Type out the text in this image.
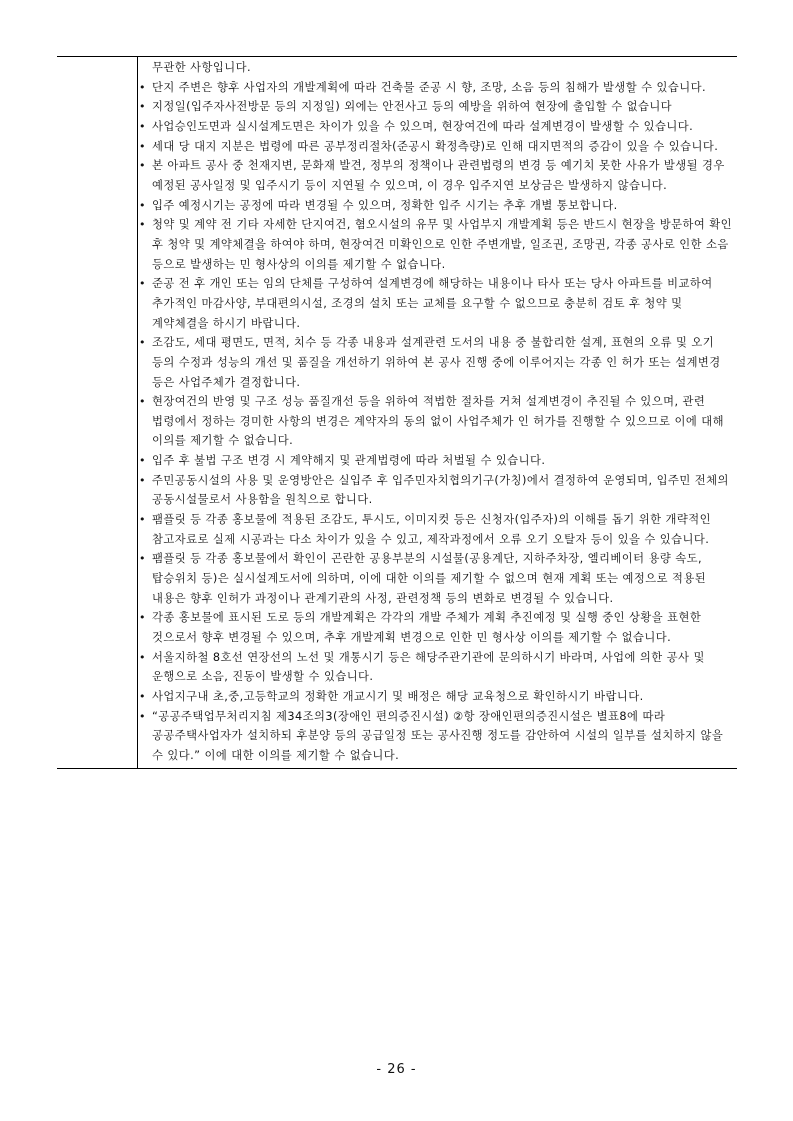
무관한 사항입니다.

• 단지 주변은 향후 사업자의 개발계획에 따라 건축물 준공 시 향, 조망, 소음 등의 침해가 발생할 수 있습니다.

• 지정일(입주자사전방문 등의 지정일) 외에는 안전사고 등의 예방을 위하여 현장에 출입할 수 없습니다

• 사업승인도면과 실시설계도면은 차이가 있을 수 있으며, 현장여건에 따라 설계변경이 발생할 수 있습니다.

• 세대 당 대지 지분은 법령에 따른 공부정리절차(준공시 확정측량)로 인해 대지면적의 증감이 있을 수 있습니다.

• 본 아파트 공사 중 천재지변, 문화재 발견, 정부의 정책이나 관련법령의 변경 등 예기치 못한 사유가 발생될 경우 예정된 공사일정 및 입주시기 등이 지연될 수 있으며, 이 경우 입주지연 보상금은 발생하지 않습니다.

• 입주 예정시기는 공정에 따라 변경될 수 있으며, 정확한 입주 시기는 추후 개별 통보합니다.

• 청약 및 계약 전 기타 자세한 단지여건, 혐오시설의 유무 및 사업부지 개발계획 등은 반드시 현장을 방문하여 확인 후 청약 및 계약체결을 하여야 하며, 현장여건 미확인으로 인한 주변개발, 일조권, 조망권, 각종 공사로 인한 소음 등으로 발생하는 민 형사상의 이의를 제기할 수 없습니다.

• 준공 전 후 개인 또는 임의 단체를 구성하여 설계변경에 해당하는 내용이나 타사 또는 당사 아파트를 비교하여 추가적인 마감사양, 부대편의시설, 조경의 설치 또는 교체를 요구할 수 없으므로 충분히 검토 후 청약 및 계약체결을 하시기 바랍니다.

• 조감도, 세대 평면도, 면적, 치수 등 각종 내용과 설계관련 도서의 내용 중 불합리한 설계, 표현의 오류 및 오기 등의 수정과 성능의 개선 및 품질을 개선하기 위하여 본 공사 진행 중에 이루어지는 각종 인 허가 또는 설계변경 등은 사업주체가 결정합니다.

• 현장여건의 반영 및 구조 성능 품질개선 등을 위하여 적법한 절차를 거쳐 설계변경이 추진될 수 있으며, 관련 법령에서 정하는 경미한 사항의 변경은 계약자의 동의 없이 사업주체가 인 허가를 진행할 수 있으므로 이에 대해 이의를 제기할 수 없습니다.

• 입주 후 불법 구조 변경 시 계약해지 및 관계법령에 따라 처벌될 수 있습니다.

• 주민공동시설의 사용 및 운영방안은 실입주 후 입주민자치협의기구(가칭)에서 결정하여 운영되며, 입주민 전체의 공동시설물로서 사용함을 원칙으로 합니다.

• 팸플릿 등 각종 홍보물에 적용된 조감도, 투시도, 이미지컷 등은 신청자(입주자)의 이해를 돕기 위한 개략적인 참고자료로 실제 시공과는 다소 차이가 있을 수 있고, 제작과정에서 오류 오기 오탈자 등이 있을 수 있습니다.

• 팸플릿 등 각종 홍보물에서 확인이 곤란한 공용부분의 시설물(공용계단, 지하주차장, 엘리베이터 용량 속도, 탑승위치 등)은 실시설계도서에 의하며, 이에 대한 이의를 제기할 수 없으며 현재 계획 또는 예정으로 적용된 내용은 향후 인허가 과정이나 관계기관의 사정, 관련정책 등의 변화로 변경될 수 있습니다.

• 각종 홍보물에 표시된 도로 등의 개발계획은 각각의 개발 주체가 계획 추진예정 및 실행 중인 상황을 표현한 것으로서 향후 변경될 수 있으며, 추후 개발계획 변경으로 인한 민 형사상 이의를 제기할 수 없습니다.

• 서울지하철 8호선 연장선의 노선 및 개통시기 등은 해당주관기관에 문의하시기 바라며, 사업에 의한 공사 및 운행으로 소음, 진동이 발생할 수 있습니다.

• 사업지구내 초,중,고등학교의 정확한 개교시기 및 배정은 해당 교육청으로 확인하시기 바랍니다.

• “공공주택업무처리지침 제34조의3(장애인 편의증진시설) ②항 장애인편의증진시설은 별표8에 따라 공공주택사업자가 설치하되 후분양 등의 공급일정 또는 공사진행 정도를 감안하여 시설의 일부를 설치하지 않을 수 있다.” 이에 대한 이의를 제기할 수 없습니다.

- 26 -
